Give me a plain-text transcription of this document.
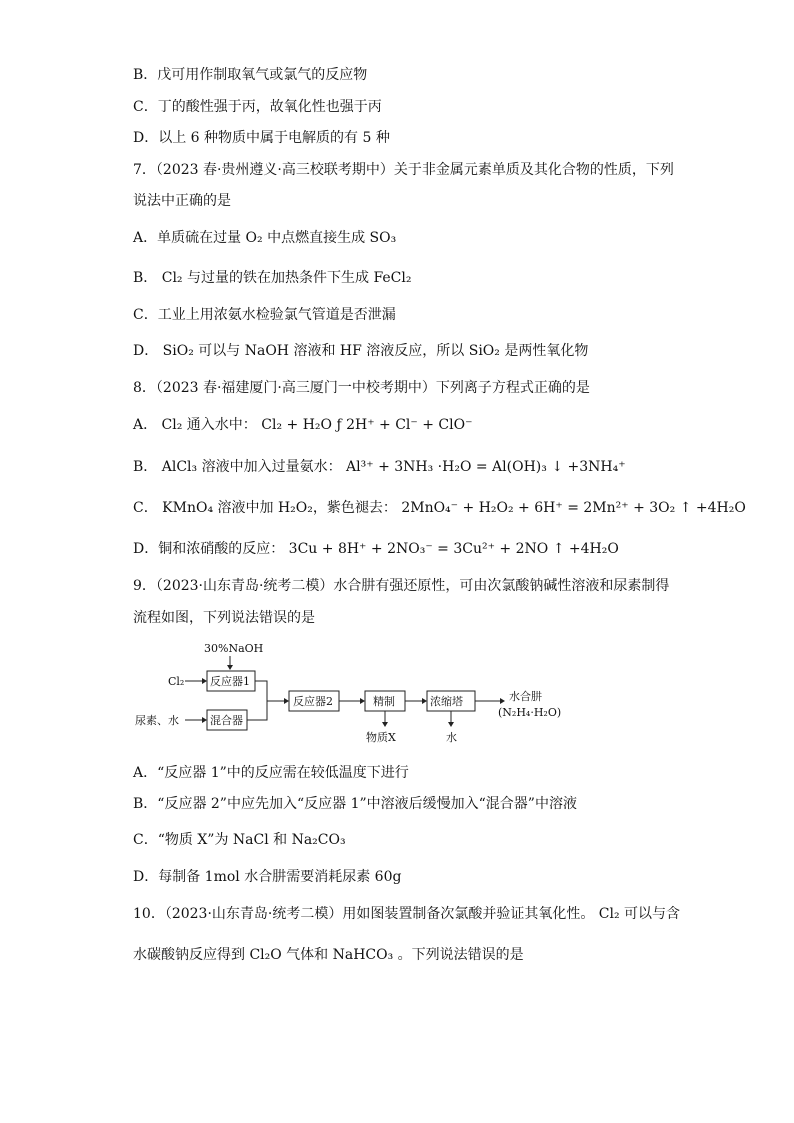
B．戊可用作制取氧气或氯气的反应物
C．丁的酸性强于丙，故氧化性也强于丙
D．以上 6 种物质中属于电解质的有 5 种
7．（2023 春·贵州遵义·高三校联考期中）关于非金属元素单质及其化合物的性质，下列
说法中正确的是
A．单质硫在过量 O₂ 中点燃直接生成 SO₃
B． Cl₂ 与过量的铁在加热条件下生成 FeCl₂
C．工业上用浓氨水检验氯气管道是否泄漏
D． SiO₂ 可以与 NaOH 溶液和 HF 溶液反应，所以 SiO₂ 是两性氧化物
8．（2023 春·福建厦门·高三厦门一中校考期中）下列离子方程式正确的是
A． Cl₂ 通入水中： Cl₂ + H₂O ƒ 2H⁺ + Cl⁻ + ClO⁻
B． AlCl₃ 溶液中加入过量氨水： Al³⁺ + 3NH₃ ·H₂O = Al(OH)₃ ↓ +3NH₄⁺
C． KMnO₄ 溶液中加 H₂O₂，紫色褪去： 2MnO₄⁻ + H₂O₂ + 6H⁺ = 2Mn²⁺ + 3O₂ ↑ +4H₂O
D．铜和浓硝酸的反应： 3Cu + 8H⁺ + 2NO₃⁻ = 3Cu²⁺ + 2NO ↑ +4H₂O
9．（2023·山东青岛·统考二模）水合肼有强还原性，可由次氯酸钠碱性溶液和尿素制得
流程如图，下列说法错误的是
30%NaOH
Cl₂ 反应器1
尿素、水	混合器
反应器2	精制
物质X
浓缩塔
水
水合肼
(N₂H₄·H₂O)
A．“反应器 1”中的反应需在较低温度下进行
B．“反应器 2”中应先加入“反应器 1”中溶液后缓慢加入“混合器”中溶液
C．“物质 X”为 NaCl 和 Na₂CO₃
D．每制备 1mol 水合肼需要消耗尿素 60g
10．（2023·山东青岛·统考二模）用如图装置制备次氯酸并验证其氧化性。 Cl₂ 可以与含
水碳酸钠反应得到 Cl₂O 气体和 NaHCO₃ 。下列说法错误的是
